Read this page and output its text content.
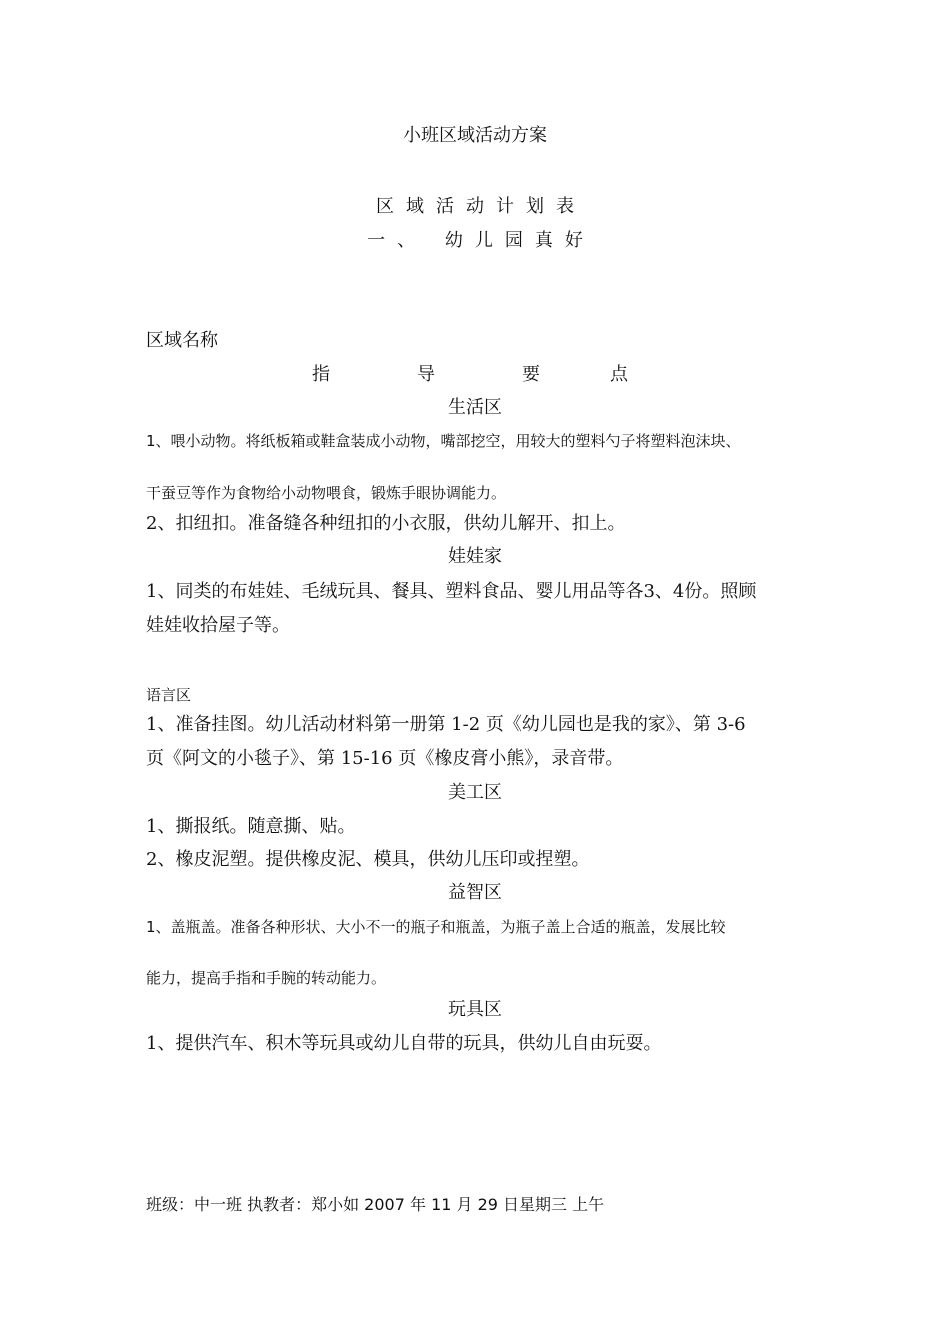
小班区域活动方案
区域活动计划表
一、 幼儿园真好
区域名称
指	导	要	点
生活区
1、喂小动物。将纸板箱或鞋盒装成小动物，嘴部挖空，用较大的塑料勺子将塑料泡沫块、
干蚕豆等作为食物给小动物喂食，锻炼手眼协调能力。
2、扣纽扣。准备缝各种纽扣的小衣服，供幼儿解开、扣上。
娃娃家
1、同类的布娃娃、毛绒玩具、餐具、塑料食品、婴儿用品等各3、4份。照顾
娃娃收拾屋子等。
语言区
1、准备挂图。幼儿活动材料第一册第 1-2 页《幼儿园也是我的家》、第 3-6
页《阿文的小毯子》、第 15-16 页《橡皮膏小熊》，录音带。
美工区
1、撕报纸。随意撕、贴。
2、橡皮泥塑。提供橡皮泥、模具，供幼儿压印或捏塑。
益智区
1、盖瓶盖。准备各种形状、大小不一的瓶子和瓶盖，为瓶子盖上合适的瓶盖，发展比较
能力，提高手指和手腕的转动能力。
玩具区
1、提供汽车、积木等玩具或幼儿自带的玩具，供幼儿自由玩耍。
班级：中一班 执教者：郑小如 2007 年 11 月 29 日星期三 上午
